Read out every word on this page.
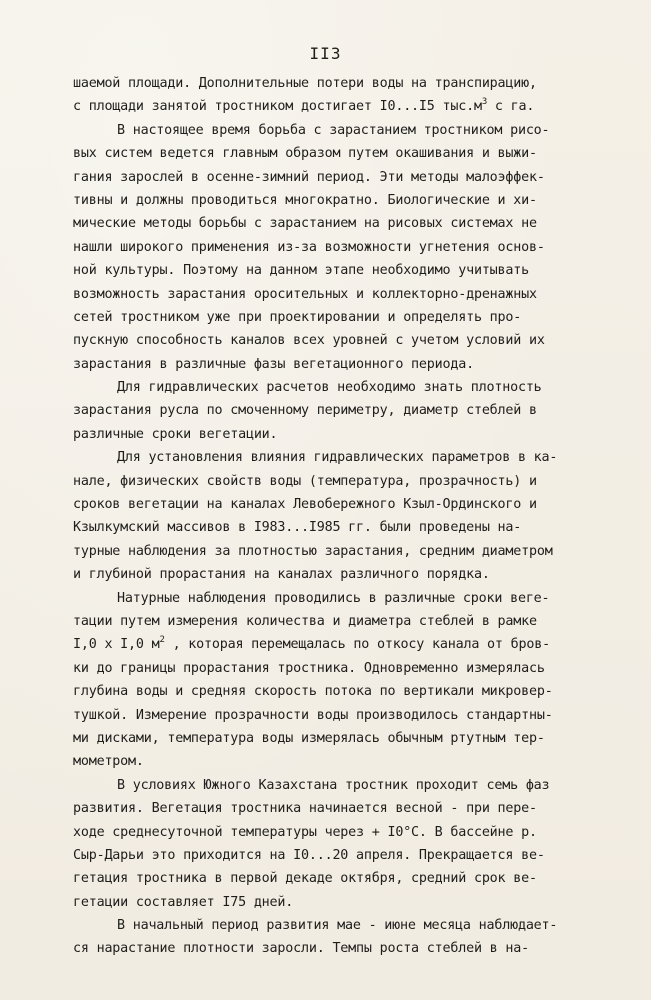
II3
шаемой площади. Дополнительные потери воды на транспирацию,
с площади занятой тростником достигает I0...I5 $тыс.м^3$ с га.
В настоящее время борьба с зарастанием тростником рисо-
вых систем ведется главным образом путем окашивания и выжи-
гания зарослей в осенне-зимний период. Эти методы малоэффек-
тивны и должны проводиться многократно. Биологические и хи-
мические методы борьбы с зарастанием на рисовых системах не
нашли широкого применения из-за возможности угнетения основ-
ной культуры. Поэтому на данном этапе необходимо учитывать
возможность зарастания оросительных и коллекторно-дренажных
сетей тростником уже при проектировании и определять про-
пускную способность каналов всех уровней с учетом условий их
зарастания в различные фазы вегетационного периода.
Для гидравлических расчетов необходимо знать плотность
зарастания русла по смоченному периметру, диаметр стеблей в
различные сроки вегетации.
Для установления влияния гидравлических параметров в ка-
нале, физических свойств воды (температура, прозрачность) и
сроков вегетации на каналах Левобережного Кзыл-Ординского и
Кзылкумский массивов в I983...I985 гг. были проведены на-
турные наблюдения за плотностью зарастания, средним диаметром
и глубиной прорастания на каналах различного порядка.
Натурные наблюдения проводились в различные сроки веге-
тации путем измерения количества и диаметра стеблей в рамке
I,0 х I,0 $м^2$ , которая перемещалась по откосу канала от бров-
ки до границы прорастания тростника. Одновременно измерялась
глубина воды и средняя скорость потока по вертикали микровер-
тушкой. Измерение прозрачности воды производилось стандартны-
ми дисками, температура воды измерялась обычным ртутным тер-
мометром.
В условиях Южного Казахстана тростник проходит семь фаз
развития. Вегетация тростника начинается весной - при пере-
ходе среднесуточной температуры через + I0°C. В бассейне р.
Сыр-Дарьи это приходится на I0...20 апреля. Прекращается ве-
гетация тростника в первой декаде октября, средний срок ве-
гетации составляет I75 дней.
В начальный период развития мае - июне месяца наблюдает-
ся нарастание плотности заросли. Темпы роста стеблей в на-
